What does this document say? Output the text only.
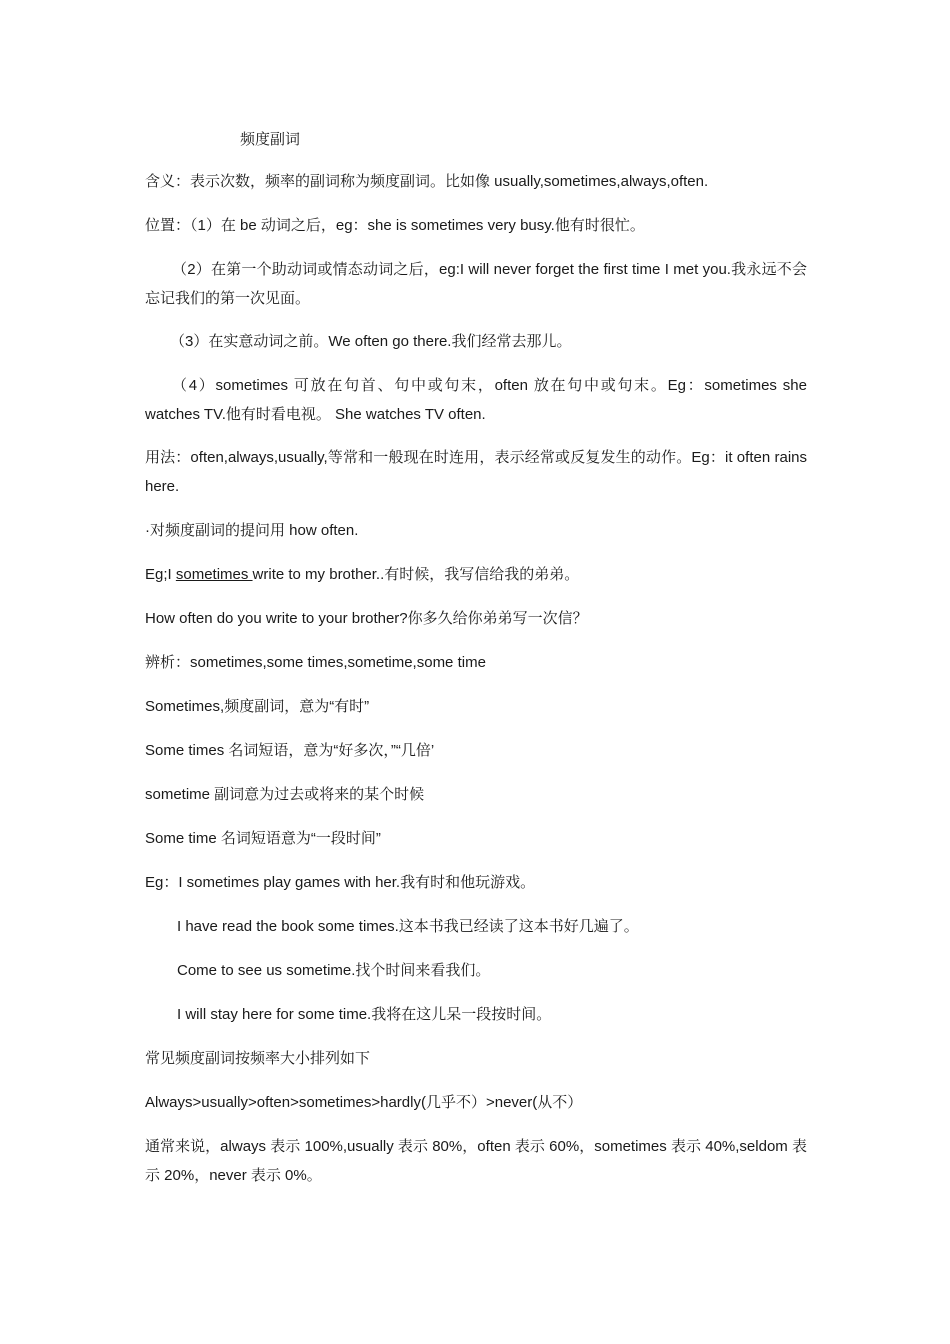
频度副词

含义：表示次数，频率的副词称为频度副词。比如像 usually,sometimes,always,often.

位置：（1）在 be 动词之后，eg：she is sometimes very busy.他有时很忙。

（2）在第一个助动词或情态动词之后，eg:I will never forget the first time I met you.我永远不会忘记我们的第一次见面。

（3）在实意动词之前。We often go there.我们经常去那儿。

（4）sometimes 可放在句首、句中或句末，often 放在句中或句末。Eg：sometimes she watches TV.他有时看电视。 She watches TV often.

用法：often,always,usually,等常和一般现在时连用，表示经常或反复发生的动作。Eg：it often rains here.

·对频度副词的提问用 how often.

Eg;I sometimes write to my brother..有时候，我写信给我的弟弟。

How often do you write to your brother?你多久给你弟弟写一次信？

辨析：sometimes,some times,sometime,some time

Sometimes,频度副词，意为“有时”

Some times 名词短语，意为“好多次，”“几倍’

sometime 副词意为过去或将来的某个时候

Some time 名词短语意为“一段时间”

Eg：I sometimes play games with her.我有时和他玩游戏。

I have read the book some times.这本书我已经读了这本书好几遍了。

Come to see us sometime.找个时间来看我们。

I will stay here for some time.我将在这儿呆一段按时间。

常见频度副词按频率大小排列如下

Always>usually>often>sometimes>hardly(几乎不）>never(从不）

通常来说，always 表示 100%,usually 表示 80%，often 表示 60%，sometimes 表示 40%,seldom 表示 20%，never 表示 0%。
